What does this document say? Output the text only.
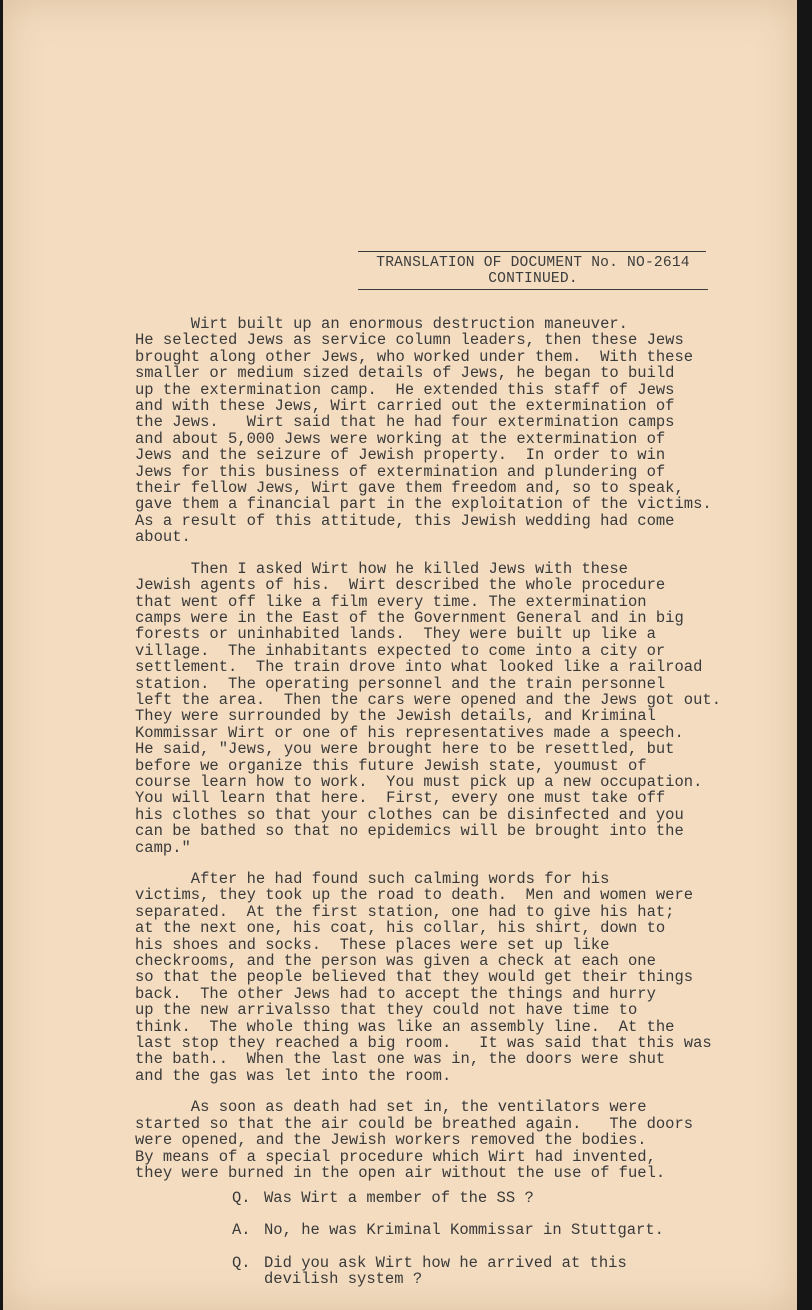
TRANSLATION OF DOCUMENT No. NO-2614
CONTINUED.
Wirt built up an enormous destruction maneuver.
He selected Jews as service column leaders, then these Jews
brought along other Jews, who worked under them.  With these
smaller or medium sized details of Jews, he began to build
up the extermination camp.  He extended this staff of Jews
and with these Jews, Wirt carried out the extermination of
the Jews.   Wirt said that he had four extermination camps
and about 5,000 Jews were working at the extermination of
Jews and the seizure of Jewish property.  In order to win
Jews for this business of extermination and plundering of
their fellow Jews, Wirt gave them freedom and, so to speak,
gave them a financial part in the exploitation of the victims.
As a result of this attitude, this Jewish wedding had come
about.
Then I asked Wirt how he killed Jews with these
Jewish agents of his.  Wirt described the whole procedure
that went off like a film every time. The extermination
camps were in the East of the Government General and in big
forests or uninhabited lands.  They were built up like a
village.  The inhabitants expected to come into a city or
settlement.  The train drove into what looked like a railroad
station.  The operating personnel and the train personnel
left the area.  Then the cars were opened and the Jews got out.
They were surrounded by the Jewish details, and Kriminal
Kommissar Wirt or one of his representatives made a speech.
He said, "Jews, you were brought here to be resettled, but
before we organize this future Jewish state, youmust of
course learn how to work.  You must pick up a new occupation.
You will learn that here.  First, every one must take off
his clothes so that your clothes can be disinfected and you
can be bathed so that no epidemics will be brought into the
camp."
After he had found such calming words for his
victims, they took up the road to death.  Men and women were
separated.  At the first station, one had to give his hat;
at the next one, his coat, his collar, his shirt, down to
his shoes and socks.  These places were set up like
checkrooms, and the person was given a check at each one
so that the people believed that they would get their things
back.  The other Jews had to accept the things and hurry
up the new arrivalsso that they could not have time to
think.  The whole thing was like an assembly line.  At the
last stop they reached a big room.   It was said that this was
the bath..  When the last one was in, the doors were shut
and the gas was let into the room.
As soon as death had set in, the ventilators were
started so that the air could be breathed again.   The doors
were opened, and the Jewish workers removed the bodies.
By means of a special procedure which Wirt had invented,
they were burned in the open air without the use of fuel.
Q. Was Wirt a member of the SS ?
A. No, he was Kriminal Kommissar in Stuttgart.
Q. Did you ask Wirt how he arrived at this
devilish system ?
